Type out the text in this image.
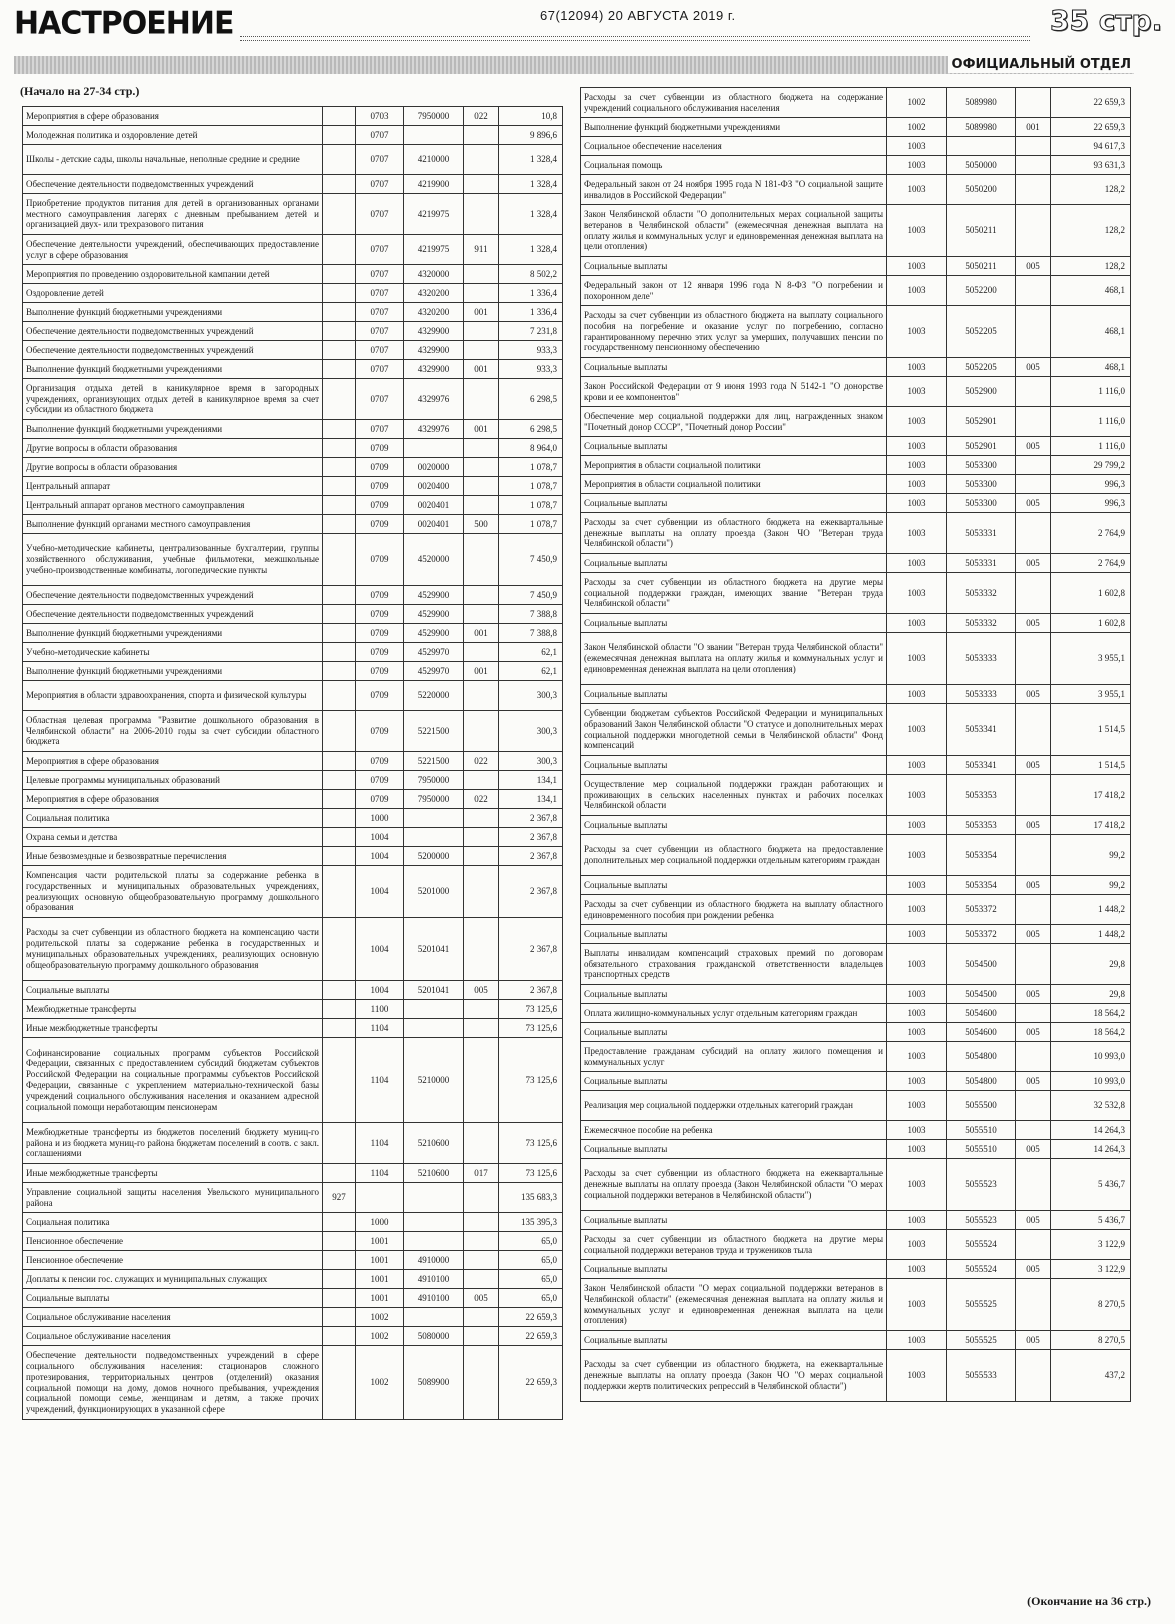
НАСТРОЕНИЕ	67(12094) 20 АВГУСТА 2019 г.	35 стр.
ОФИЦИАЛЬНЫЙ ОТДЕЛ
(Начало на 27-34 стр.)
Мероприятия в сфере образования		0703	7950000	022	10,8
Молодежная политика и оздоровление детей		0707			9 896,6
Школы - детские сады, школы начальные, неполные средние и средние		0707	4210000		1 328,4
Обеспечение деятельности подведомственных учреждений		0707	4219900		1 328,4
Приобретение продуктов питания для детей в организованных органами местного самоуправления лагерях с дневным пребыванием детей и организацией двух- или трехразового питания		0707	4219975		1 328,4
Обеспечение деятельности учреждений, обеспечивающих предоставление услуг в сфере образования		0707	4219975	911	1 328,4
Мероприятия по проведению оздоровительной кампании детей		0707	4320000		8 502,2
Оздоровление детей		0707	4320200		1 336,4
Выполнение функций бюджетными учреждениями		0707	4320200	001	1 336,4
Обеспечение деятельности подведомственных учреждений		0707	4329900		7 231,8
Обеспечение деятельности подведомственных учреждений		0707	4329900		933,3
Выполнение функций бюджетными учреждениями		0707	4329900	001	933,3
Организация отдыха детей в каникулярное время в загородных учреждениях, организующих отдых детей в каникулярное время за счет субсидии из областного бюджета		0707	4329976		6 298,5
Выполнение функций бюджетными учреждениями		0707	4329976	001	6 298,5
Другие вопросы в области образования		0709			8 964,0
Другие вопросы в области образования		0709	0020000		1 078,7
Центральный аппарат		0709	0020400		1 078,7
Центральный аппарат органов местного самоуправления		0709	0020401		1 078,7
Выполнение функций органами местного самоуправления		0709	0020401	500	1 078,7
Учебно-методические кабинеты, централизованные бухгалтерии, группы хозяйственного обслуживания, учебные фильмотеки, межшкольные учебно-производственные комбинаты, логопедические пункты		0709	4520000		7 450,9
Обеспечение деятельности подведомственных учреждений		0709	4529900		7 450,9
Обеспечение деятельности подведомственных учреждений		0709	4529900		7 388,8
Выполнение функций бюджетными учреждениями		0709	4529900	001	7 388,8
Учебно-методические кабинеты		0709	4529970		62,1
Выполнение функций бюджетными учреждениями		0709	4529970	001	62,1
Мероприятия в области здравоохранения, спорта и физической культуры		0709	5220000		300,3
Областная целевая программа "Развитие дошкольного образования в Челябинской области" на 2006-2010 годы за счет субсидии областного бюджета		0709	5221500		300,3
Мероприятия в сфере образования		0709	5221500	022	300,3
Целевые программы муниципальных образований		0709	7950000		134,1
Мероприятия в сфере образования		0709	7950000	022	134,1
Социальная политика		1000			2 367,8
Охрана семьи и детства		1004			2 367,8
Иные безвозмездные и безвозвратные перечисления		1004	5200000		2 367,8
Компенсация части родительской платы за содержание ребенка в государственных и муниципальных образовательных учреждениях, реализующих основную общеобразовательную программу дошкольного образования		1004	5201000		2 367,8
Расходы за счет субвенции из областного бюджета на компенсацию части родительской платы за содержание ребенка в государственных и муниципальных образовательных учреждениях, реализующих основную общеобразовательную программу дошкольного образования		1004	5201041		2 367,8
Социальные выплаты		1004	5201041	005	2 367,8
Межбюджетные трансферты		1100			73 125,6
Иные межбюджетные трансферты		1104			73 125,6
Софинансирование социальных программ субъектов Российской Федерации, связанных с предоставлением субсидий бюджетам субъектов Российской Федерации на социальные программы субъектов Российской Федерации, связанные с укреплением материально-технической базы учреждений социального обслуживания населения и оказанием адресной социальной помощи неработающим пенсионерам		1104	5210000		73 125,6
Межбюджетные трансферты из бюджетов поселений бюджету муниц-го района и из бюджета муниц-го района бюджетам поселений в соотв. с закл. соглашениями		1104	5210600		73 125,6
Иные межбюджетные трансферты		1104	5210600	017	73 125,6
Управление социальной защиты населения Увельского муниципального района	927				135 683,3
Социальная политика		1000			135 395,3
Пенсионное обеспечение		1001			65,0
Пенсионное обеспечение		1001	4910000		65,0
Доплаты к пенсии гос. служащих и муниципальных служащих		1001	4910100		65,0
Социальные выплаты		1001	4910100	005	65,0
Социальное обслуживание населения		1002			22 659,3
Социальное обслуживание населения		1002	5080000		22 659,3
Обеспечение деятельности подведомственных учреждений в сфере социального обслуживания населения: стационаров сложного протезирования, территориальных центров (отделений) оказания социальной помощи на дому, домов ночного пребывания, учреждения социальной помощи семье, женщинам и детям, а также прочих учреждений, функционирующих в указанной сфере		1002	5089900		22 659,3
Расходы за счет субвенции из областного бюджета на содержание учреждений социального обслуживания населения	1002	5089980		22 659,3
Выполнение функций бюджетными учреждениями	1002	5089980	001	22 659,3
Социальное обеспечение населения	1003			94 617,3
Социальная помощь	1003	5050000		93 631,3
Федеральный закон от 24 ноября 1995 года N 181-ФЗ "О социальной защите инвалидов в Российской Федерации"	1003	5050200		128,2
Закон Челябинской области "О дополнительных мерах социальной защиты ветеранов в Челябинской области" (ежемесячная денежная выплата на оплату жилья и коммунальных услуг и единовременная денежная выплата на цели отопления)	1003	5050211		128,2
Социальные выплаты	1003	5050211	005	128,2
Федеральный закон от 12 января 1996 года N 8-ФЗ "О погребении и похоронном деле"	1003	5052200		468,1
Расходы за счет субвенции из областного бюджета на выплату социального пособия на погребение и оказание услуг по погребению, согласно гарантированному перечню этих услуг за умерших, получавших пенсии по государственному пенсионному обеспечению	1003	5052205		468,1
Социальные выплаты	1003	5052205	005	468,1
Закон Российской Федерации от 9 июня 1993 года N 5142-1 "О донорстве крови и ее компонентов"	1003	5052900		1 116,0
Обеспечение мер социальной поддержки для лиц, награжденных знаком "Почетный донор СССР", "Почетный донор России"	1003	5052901		1 116,0
Социальные выплаты	1003	5052901	005	1 116,0
Мероприятия в области социальной политики	1003	5053300		29 799,2
Мероприятия в области социальной политики	1003	5053300		996,3
Социальные выплаты	1003	5053300	005	996,3
Расходы за счет субвенции из областного бюджета на ежеквартальные денежные выплаты на оплату проезда (Закон ЧО "Ветеран труда Челябинской области")	1003	5053331		2 764,9
Социальные выплаты	1003	5053331	005	2 764,9
Расходы за счет субвенции из областного бюджета на другие меры социальной поддержки граждан, имеющих звание "Ветеран труда Челябинской области"	1003	5053332		1 602,8
Социальные выплаты	1003	5053332	005	1 602,8
Закон Челябинской области "О звании "Ветеран труда Челябинской области" (ежемесячная денежная выплата на оплату жилья и коммунальных услуг и единовременная денежная выплата на цели отопления)	1003	5053333		3 955,1
Социальные выплаты	1003	5053333	005	3 955,1
Субвенции бюджетам субъектов Российской Федерации и муниципальных образований Закон Челябинской области "О статусе и дополнительных мерах социальной поддержки многодетной семьи в Челябинской области" Фонд компенсаций	1003	5053341		1 514,5
Социальные выплаты	1003	5053341	005	1 514,5
Осуществление мер социальной поддержки граждан работающих и проживающих в сельских населенных пунктах и рабочих поселках Челябинской области	1003	5053353		17 418,2
Социальные выплаты	1003	5053353	005	17 418,2
Расходы за счет субвенции из областного бюджета на предоставление дополнительных мер социальной поддержки отдельным категориям граждан	1003	5053354		99,2
Социальные выплаты	1003	5053354	005	99,2
Расходы за счет субвенции из областного бюджета на выплату областного единовременного пособия при рождении ребенка	1003	5053372		1 448,2
Социальные выплаты	1003	5053372	005	1 448,2
Выплаты инвалидам компенсаций страховых премий по договорам обязательного страхования гражданской ответственности владельцев транспортных средств	1003	5054500		29,8
Социальные выплаты	1003	5054500	005	29,8
Оплата жилищно-коммунальных услуг отдельным категориям граждан	1003	5054600		18 564,2
Социальные выплаты	1003	5054600	005	18 564,2
Предоставление гражданам субсидий на оплату жилого помещения и коммунальных услуг	1003	5054800		10 993,0
Социальные выплаты	1003	5054800	005	10 993,0
Реализация мер социальной поддержки отдельных категорий граждан	1003	5055500		32 532,8
Ежемесячное пособие на ребенка	1003	5055510		14 264,3
Социальные выплаты	1003	5055510	005	14 264,3
Расходы за счет субвенции из областного бюджета на ежеквартальные денежные выплаты на оплату проезда (Закон Челябинской области "О мерах социальной поддержки ветеранов в Челябинской области")	1003	5055523		5 436,7
Социальные выплаты	1003	5055523	005	5 436,7
Расходы за счет субвенции из областного бюджета на другие меры социальной поддержки ветеранов труда и тружеников тыла	1003	5055524		3 122,9
Социальные выплаты	1003	5055524	005	3 122,9
Закон Челябинской области "О мерах социальной поддержки ветеранов в Челябинской области" (ежемесячная денежная выплата на оплату жилья и коммунальных услуг и единовременная денежная выплата на цели отопления)	1003	5055525		8 270,5
Социальные выплаты	1003	5055525	005	8 270,5
Расходы за счет субвенции из областного бюджета, на ежеквартальные денежные выплаты на оплату проезда (Закон ЧО "О мерах социальной поддержки жертв политических репрессий в Челябинской области")	1003	5055533		437,2
(Окончание на 36 стр.)
